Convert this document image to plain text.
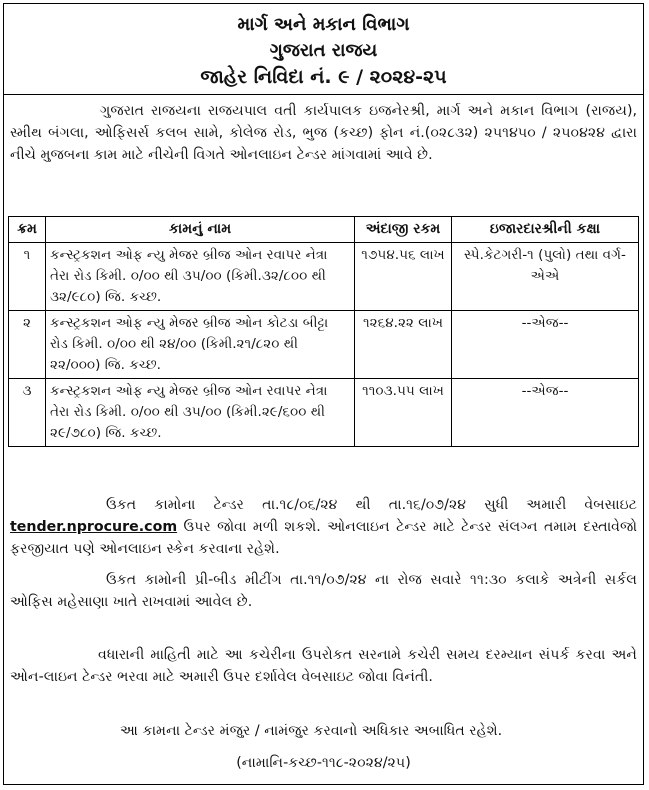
માર્ગ અને મકાન વિભાગ
ગુજરાત રાજય
જાહેર નિવિદા નં. ૯ / ૨૦૨૪-૨૫
ગુજરાત રાજયના રાજયપાલ વતી કાર્યપાલક ઇજનેરશ્રી, માર્ગ અને મકાન વિભાગ (રાજય), સ્મીથ બંગલા, ઓફિસર્સ કલબ સામે, કોલેજ રોડ, ભુજ (કચ્છ) ફોન નં.(૦૨૮૩૨) ૨૫૧૪૫૦ / ૨૫૦૪૨૪ દ્વારા નીચે મુજબના કામ માટે નીચેની વિગતે ઓનલાઇન ટેન્ડર માંગવામાં આવે છે.
ક્રમ	કામનું નામ	અંદાજી રકમ	ઇજારદારશ્રીની કક્ષા
૧	કન્સ્ટ્રકશન ઓફ ન્યુ મેજર બ્રીજ ઓન રવાપર નેત્રા તેરા રોડ કિમી. ૦/૦૦ થી ૩૫/૦૦ (કિમી.૩૨/૮૦૦ થી ૩૨/૯૮૦) જિ. કચ્છ.	૧૭૫૪.૫૬ લાખ	સ્પે.કેટગરી-૧ (પુલો) તથા વર્ગ-એએ
૨	કન્સ્ટ્રકશન ઓફ ન્યુ મેજર બ્રીજ ઓન કોટડા બીટ્ટા રોડ કિમી. ૦/૦૦ થી ૨૪/૦૦ (કિમી.૨૧/૮૨૦ થી ૨૨/૦૦૦) જિ. કચ્છ.	૧૨૬૪.૨૨ લાખ	--એજ--
૩	કન્સ્ટ્રકશન ઓફ ન્યુ મેજર બ્રીજ ઓન રવાપર નેત્રા તેરા રોડ કિમી. ૦/૦૦ થી ૩૫/૦૦ (કિમી.૨૯/૬૦૦ થી ૨૯/૭૮૦) જિ. કચ્છ.	૧૧૦૩.૫૫ લાખ	--એજ--
ઉકત કામોના ટેન્ડર તા.૧૮/૦૬/૨૪ થી તા.૧૬/૦૭/૨૪ સુધી અમારી વેબસાઇટ tender.nprocure.com ઉપર જોવા મળી શકશે. ઓનલાઇન ટેન્ડર માટે ટેન્ડર સંલગ્ન તમામ દસ્તાવેજો ફરજીયાત પણે ઓનલાઇન સ્કેન કરવાના રહેશે.
ઉકત કામોની પ્રી-બીડ મીટીંગ તા.૧૧/૦૭/૨૪ ના રોજ સવારે ૧૧:૩૦ કલાકે અત્રેની સર્કલ ઓફિસ મહેસાણા ખાતે રાખવામાં આવેલ છે.
વધારાની માહિતી માટે આ કચેરીના ઉપરોકત સરનામે કચેરી સમય દરમ્યાન સંપર્ક કરવા અને ઓન-લાઇન ટેન્ડર ભરવા માટે અમારી ઉપર દર્શાવેલ વેબસાઇટ જોવા વિનંતી.
આ કામના ટેન્ડર મંજુર / નામંજુર કરવાનો અધિકાર અબાધિત રહેશે.
(નામાનિ-કચ્છ-૧૧૮-૨૦૨૪/૨૫)
